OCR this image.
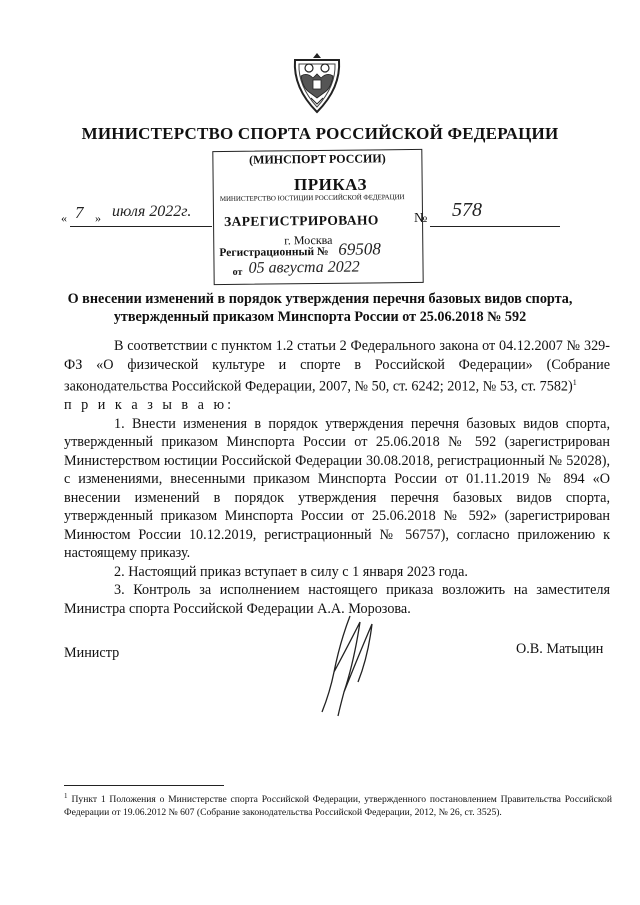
МИНИСТЕРСТВО СПОРТА РОССИЙСКОЙ ФЕДЕРАЦИИ
(МИНСПОРТ РОССИИ)
МИНИСТЕРСТВО ЮСТИЦИИ РОССИЙСКОЙ ФЕДЕРАЦИИ
ЗАРЕГИСТРИРОВАНО
г. Москва
Регистрационный № 69508
от 05 августа 2022
ПРИКАЗ
« 7 » июля 2022г.	№ 578
О внесении изменений в порядок утверждения перечня базовых видов спорта, утвержденный приказом Минспорта России от 25.06.2018 № 592

В соответствии с пунктом 1.2 статьи 2 Федерального закона от 04.12.2007 № 329-ФЗ «О физической культуре и спорте в Российской Федерации» (Собрание законодательства Российской Федерации, 2007, № 50, ст. 6242; 2012, № 53, ст. 7582)$^1$

п р и к а з ы в а ю:

1. Внести изменения в порядок утверждения перечня базовых видов спорта, утвержденный приказом Минспорта России от 25.06.2018 № 592 (зарегистрирован Министерством юстиции Российской Федерации 30.08.2018, регистрационный № 52028), с изменениями, внесенными приказом Минспорта России от 01.11.2019 № 894 «О внесении изменений в порядок утверждения перечня базовых видов спорта, утвержденный приказом Минспорта России от 25.06.2018 № 592» (зарегистрирован Минюстом России 10.12.2019, регистрационный № 56757), согласно приложению к настоящему приказу.

2. Настоящий приказ вступает в силу с 1 января 2023 года.

3. Контроль за исполнением настоящего приказа возложить на заместителя Министра спорта Российской Федерации А.А. Морозова.

Министр	О.В. Матыцин
$^1$ Пункт 1 Положения о Министерстве спорта Российской Федерации, утвержденного постановлением Правительства Российской Федерации от 19.06.2012 № 607 (Собрание законодательства Российской Федерации, 2012, № 26, ст. 3525).
